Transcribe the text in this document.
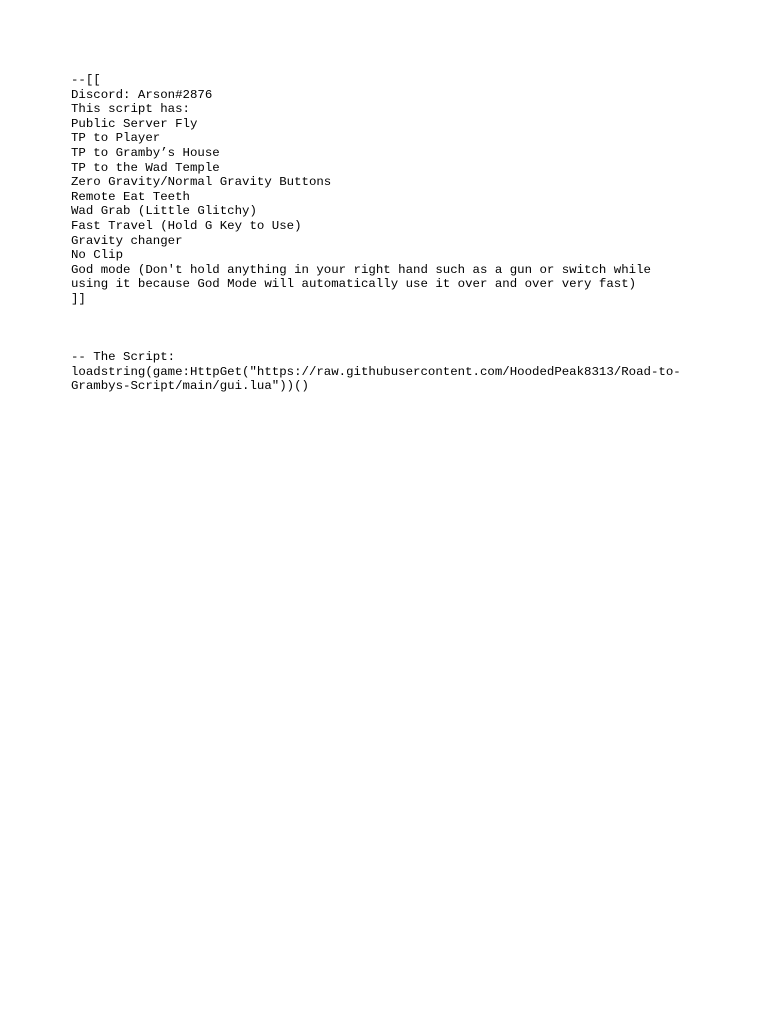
--[[
Discord: Arson#2876
This script has:
Public Server Fly
TP to Player
TP to Gramby’s House
TP to the Wad Temple
Zero Gravity/Normal Gravity Buttons
Remote Eat Teeth
Wad Grab (Little Glitchy)
Fast Travel (Hold G Key to Use)
Gravity changer
No Clip
God mode (Don't hold anything in your right hand such as a gun or switch while
using it because God Mode will automatically use it over and over very fast)
]]
-- The Script:
loadstring(game:HttpGet("https://raw.githubusercontent.com/HoodedPeak8313/Road-to-
Grambys-Script/main/gui.lua"))()
